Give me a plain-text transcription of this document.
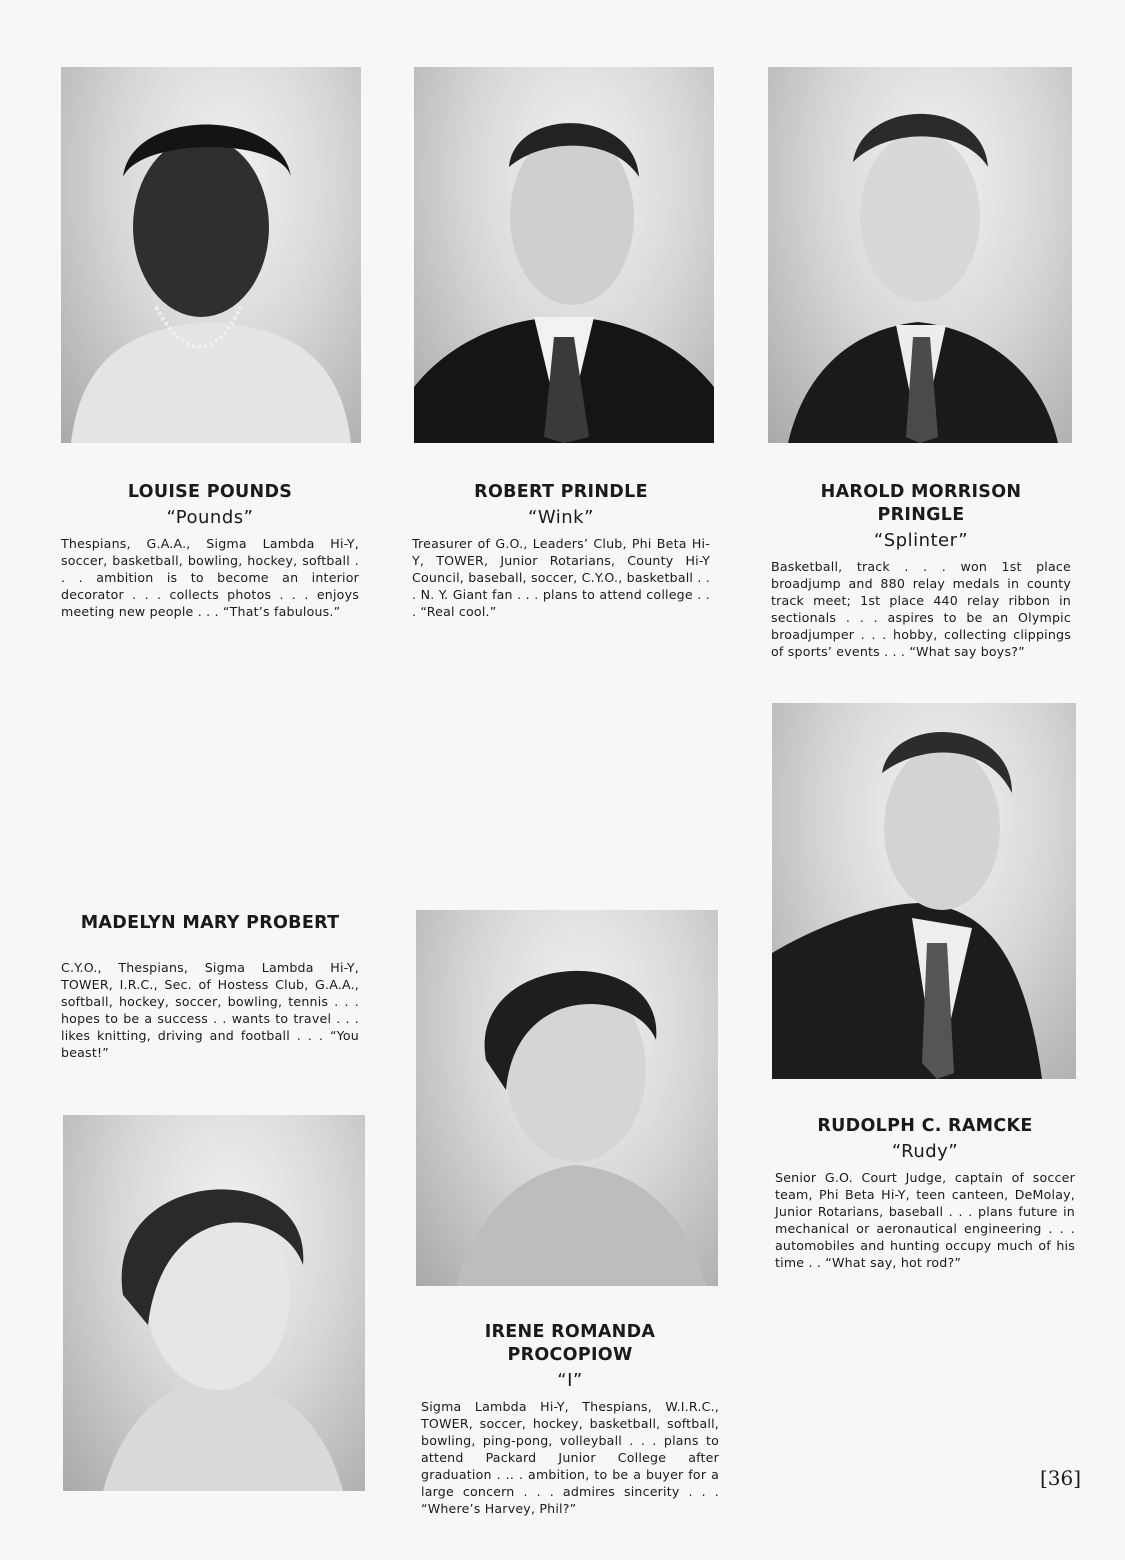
LOUISE POUNDS

“Pounds”

Thespians, G.A.A., Sigma Lambda Hi-Y, soccer, basketball, bowling, hockey, softball . . . ambition is to become an interior decorator . . . collects photos . . . enjoys meeting new people . . . “That’s fabulous.”

ROBERT PRINDLE

“Wink”

Treasurer of G.O., Leaders’ Club, Phi Beta Hi-Y, TOWER, Junior Rotarians, County Hi-Y Council, baseball, soccer, C.Y.O., basketball . . . N. Y. Giant fan . . . plans to attend college . . . “Real cool.”

HAROLD MORRISON PRINGLE

“Splinter”

Basketball, track . . . won 1st place broadjump and 880 relay medals in county track meet; 1st place 440 relay ribbon in sectionals . . . aspires to be an Olympic broadjumper . . . hobby, collecting clippings of sports’ events . . . “What say boys?”

MADELYN MARY PROBERT

C.Y.O., Thespians, Sigma Lambda Hi-Y, TOWER, I.R.C., Sec. of Hostess Club, G.A.A., softball, hockey, soccer, bowling, tennis . . . hopes to be a success . . wants to travel . . . likes knitting, driving and football . . . “You beast!”

RUDOLPH C. RAMCKE

“Rudy”

Senior G.O. Court Judge, captain of soccer team, Phi Beta Hi-Y, teen canteen, DeMolay, Junior Rotarians, baseball . . . plans future in mechanical or aeronautical engineering . . . automobiles and hunting occupy much of his time . . “What say, hot rod?”

IRENE ROMANDA PROCOPIOW

“I”

Sigma Lambda Hi-Y, Thespians, W.I.R.C., TOWER, soccer, hockey, basketball, softball, bowling, ping-pong, volleyball . . . plans to attend Packard Junior College after graduation . .. . ambition, to be a buyer for a large concern . . . admires sincerity . . . “Where’s Harvey, Phil?”

[36]
